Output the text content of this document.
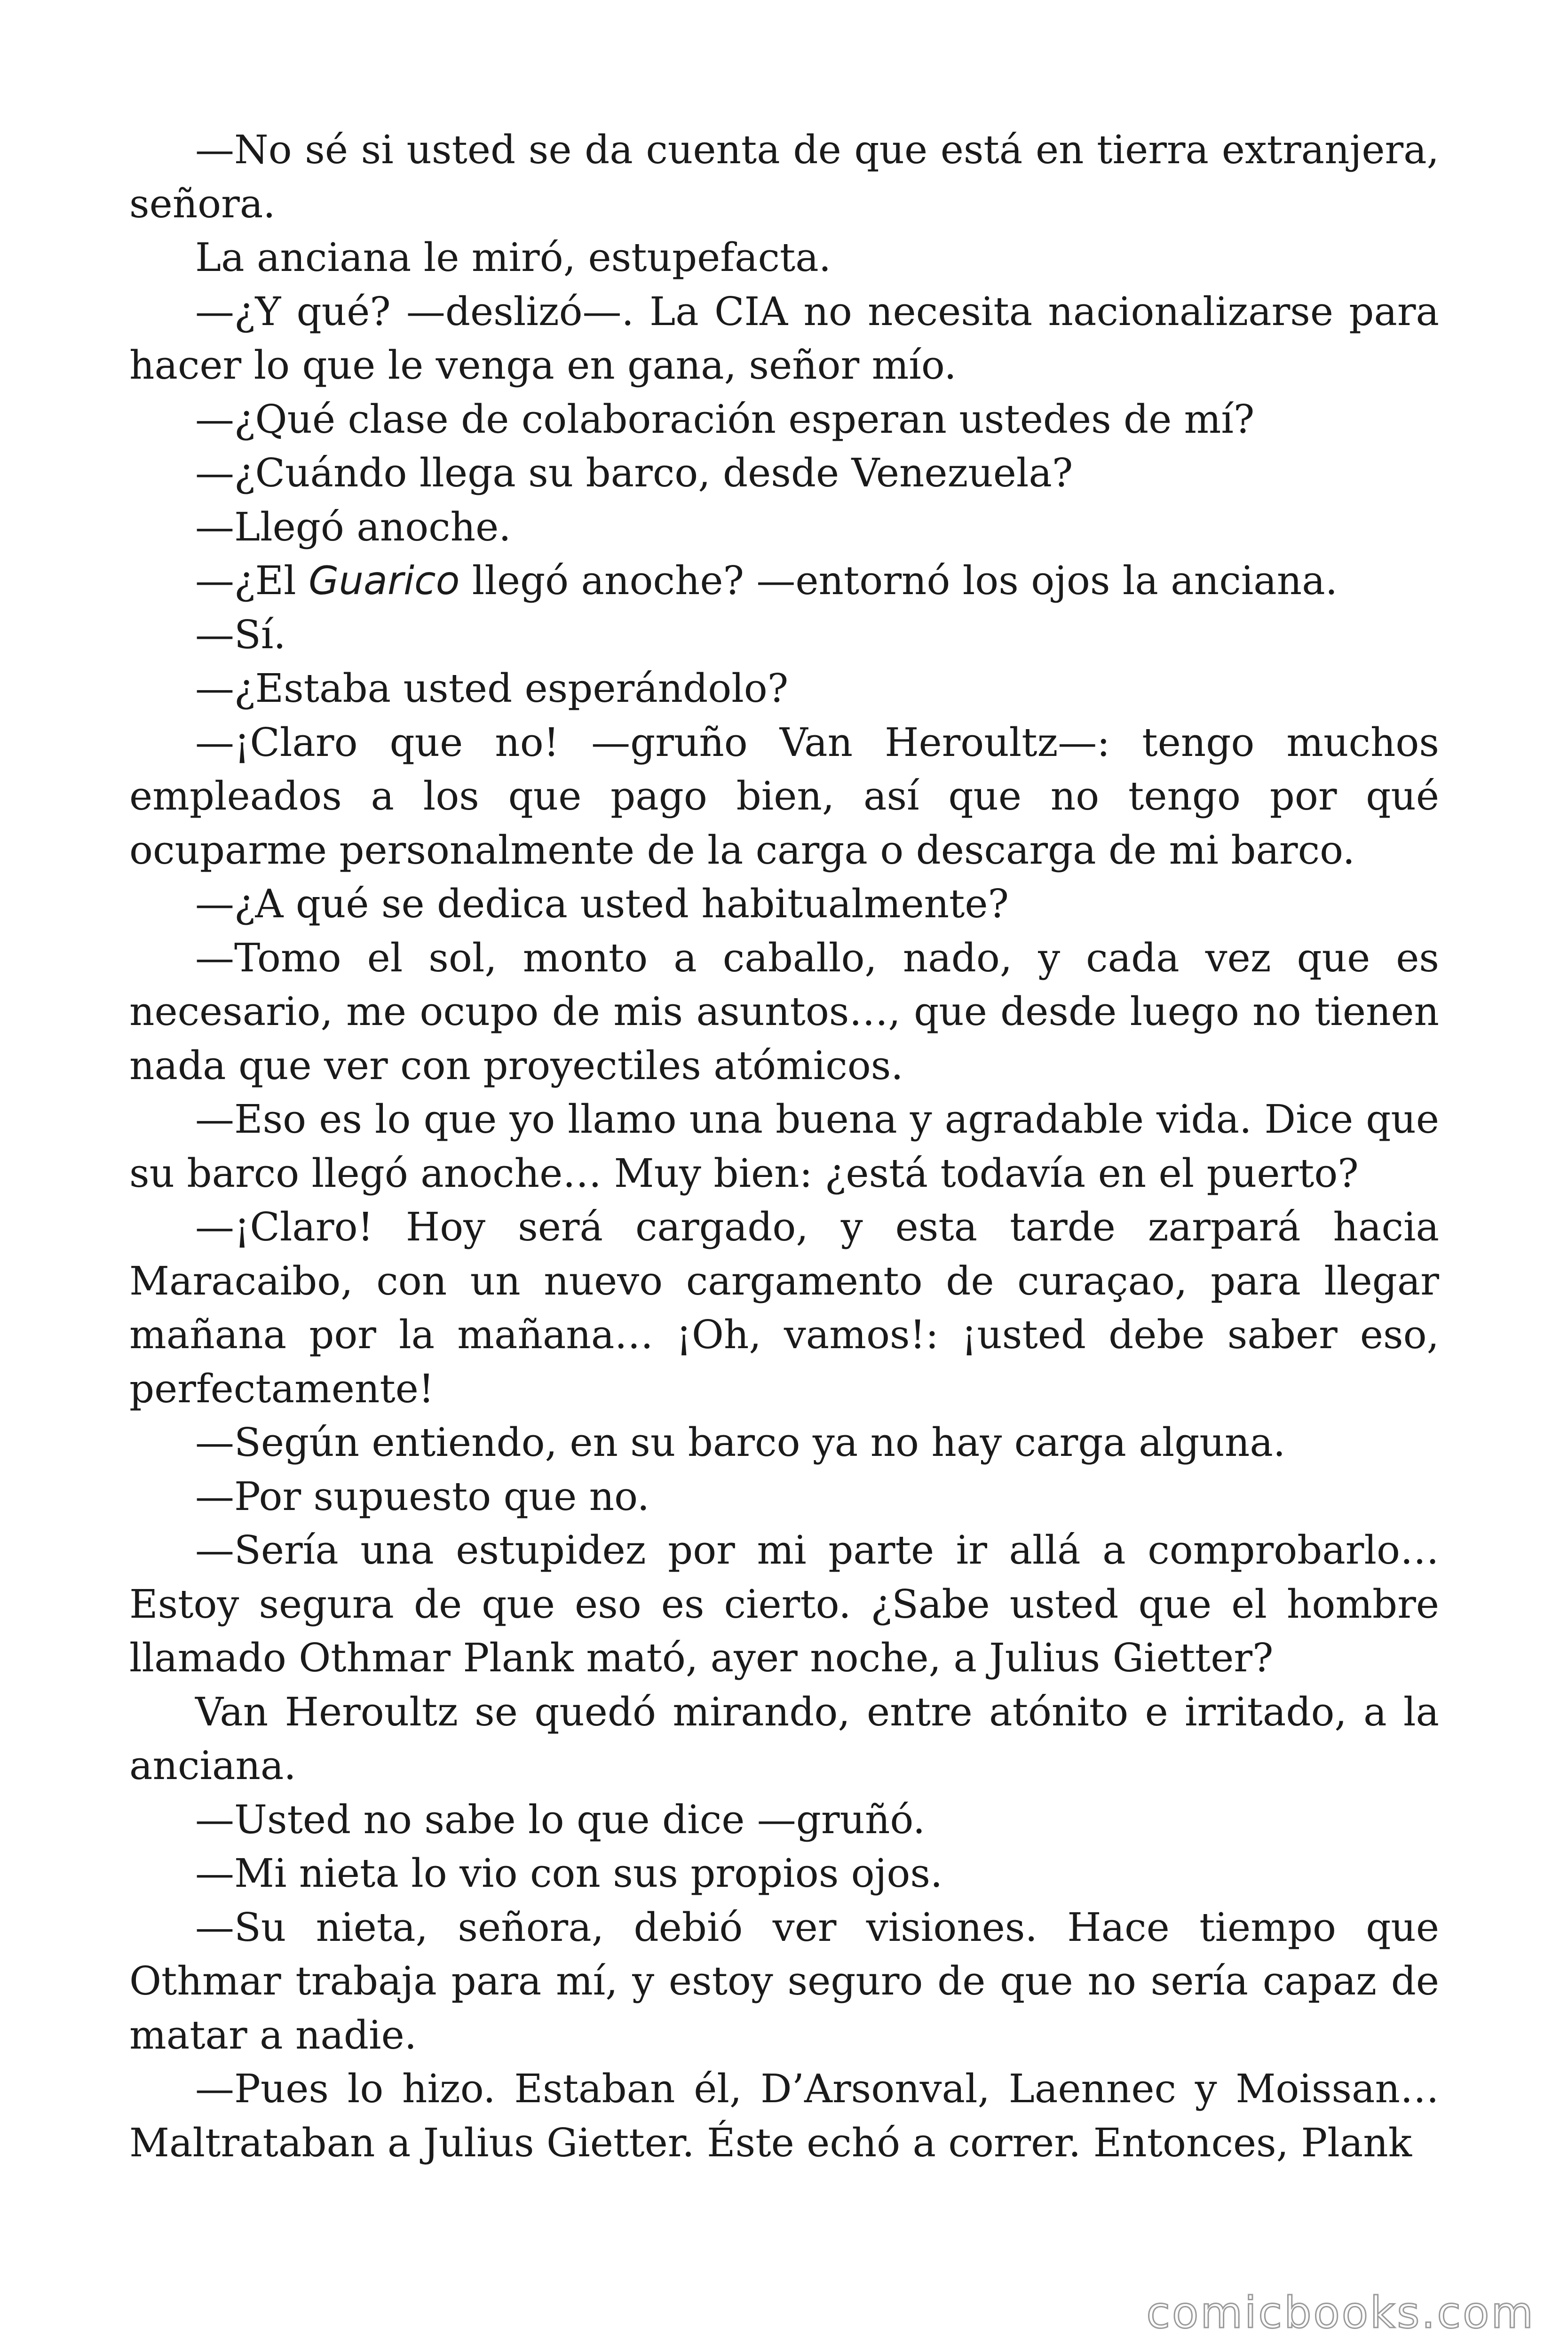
—No sé si usted se da cuenta de que está en tierra extranjera, señora.

La anciana le miró, estupefacta.

—¿Y qué? —deslizó—. La CIA no necesita nacionalizarse para hacer lo que le venga en gana, señor mío.

—¿Qué clase de colaboración esperan ustedes de mí?

—¿Cuándo llega su barco, desde Venezuela?

—Llegó anoche.

—¿El Guarico llegó anoche? —entornó los ojos la anciana.

—Sí.

—¿Estaba usted esperándolo?

—¡Claro que no! —gruño Van Heroultz—: tengo muchos empleados a los que pago bien, así que no tengo por qué ocuparme personalmente de la carga o descarga de mi barco.

—¿A qué se dedica usted habitualmente?

—Tomo el sol, monto a caballo, nado, y cada vez que es necesario, me ocupo de mis asuntos…, que desde luego no tienen nada que ver con proyectiles atómicos.

—Eso es lo que yo llamo una buena y agradable vida. Dice que su barco llegó anoche… Muy bien: ¿está todavía en el puerto?

—¡Claro! Hoy será cargado, y esta tarde zarpará hacia Maracaibo, con un nuevo cargamento de curaçao, para llegar mañana por la mañana… ¡Oh, vamos!: ¡usted debe saber eso, perfectamente!

—Según entiendo, en su barco ya no hay carga alguna.

—Por supuesto que no.

—Sería una estupidez por mi parte ir allá a comprobarlo… Estoy segura de que eso es cierto. ¿Sabe usted que el hombre llamado Othmar Plank mató, ayer noche, a Julius Gietter?

Van Heroultz se quedó mirando, entre atónito e irritado, a la anciana.

—Usted no sabe lo que dice —gruñó.

—Mi nieta lo vio con sus propios ojos.

—Su nieta, señora, debió ver visiones. Hace tiempo que Othmar trabaja para mí, y estoy seguro de que no sería capaz de matar a nadie.

—Pues lo hizo. Estaban él, D’Arsonval, Laennec y Moissan… Maltrataban a Julius Gietter. Éste echó a correr. Entonces, Plank

comicbooks.com
